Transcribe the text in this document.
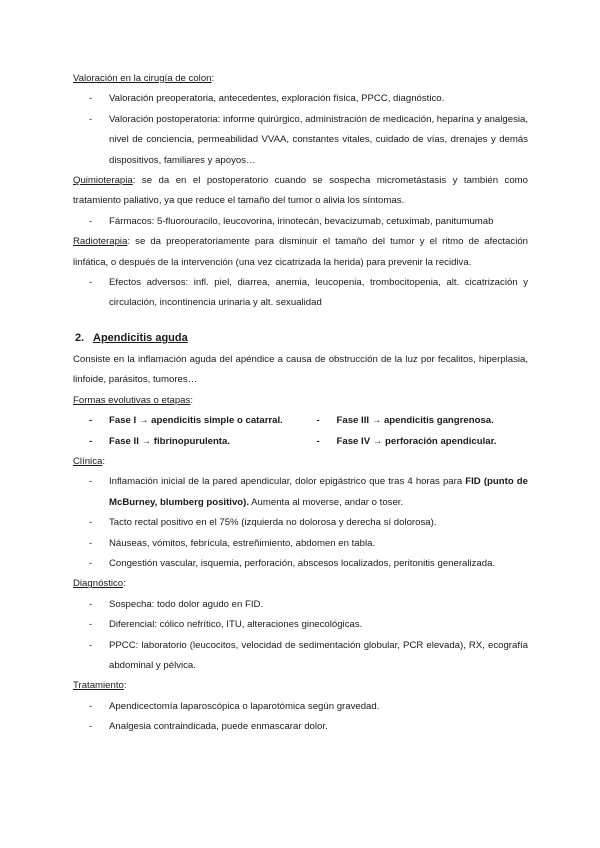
Valoración en la cirugía de colon:

- Valoración preoperatoria, antecedentes, exploración física, PPCC, diagnóstico.
- Valoración postoperatoria: informe quirúrgico, administración de medicación, heparina y analgesia, nivel de conciencia, permeabilidad VVAA, constantes vitales, cuidado de vías, drenajes y demás dispositivos, familiares y apoyos…

Quimioterapia: se da en el postoperatorio cuando se sospecha micrometástasis y también como tratamiento paliativo, ya que reduce el tamaño del tumor o alivia los síntomas.

- Fármacos: 5-fluorouracilo, leucovorina, irinotecán, bevacizumab, cetuximab, panitumumab

Radioterapia: se da preoperatoriamente para disminuir el tamaño del tumor y el ritmo de afectación linfática, o después de la intervención (una vez cicatrizada la herida) para prevenir la recidiva.

- Efectos adversos: infl. piel, diarrea, anemia, leucopenia, trombocitopenia, alt. cicatrización y circulación, incontinencia urinaria y alt. sexualidad
2. Apendicitis aguda

Consiste en la inflamación aguda del apéndice a causa de obstrucción de la luz por fecalitos, hiperplasia, linfoide, parásitos, tumores…

Formas evolutivas o etapas:

- Fase I → apendicitis simple o catarral.
- Fase II → fibrinopurulenta.
- Fase III → apendicitis gangrenosa.
- Fase IV → perforación apendicular.

Clínica:

- Inflamación inicial de la pared apendicular, dolor epigástrico que tras 4 horas para FID (punto de McBurney, blumberg positivo). Aumenta al moverse, andar o toser.
- Tacto rectal positivo en el 75% (izquierda no dolorosa y derecha sí dolorosa).
- Náuseas, vómitos, febrícula, estreñimiento, abdomen en tabla.
- Congestión vascular, isquemia, perforación, abscesos localizados, peritonitis generalizada.

Diagnóstico:

- Sospecha: todo dolor agudo en FID.
- Diferencial: cólico nefrítico, ITU, alteraciones ginecológicas.
- PPCC: laboratorio (leucocitos, velocidad de sedimentación globular, PCR elevada), RX, ecografía abdominal y pélvica.

Tratamiento:

- Apendicectomía laparoscópica o laparotómica según gravedad.
- Analgesia contraindicada, puede enmascarar dolor.
